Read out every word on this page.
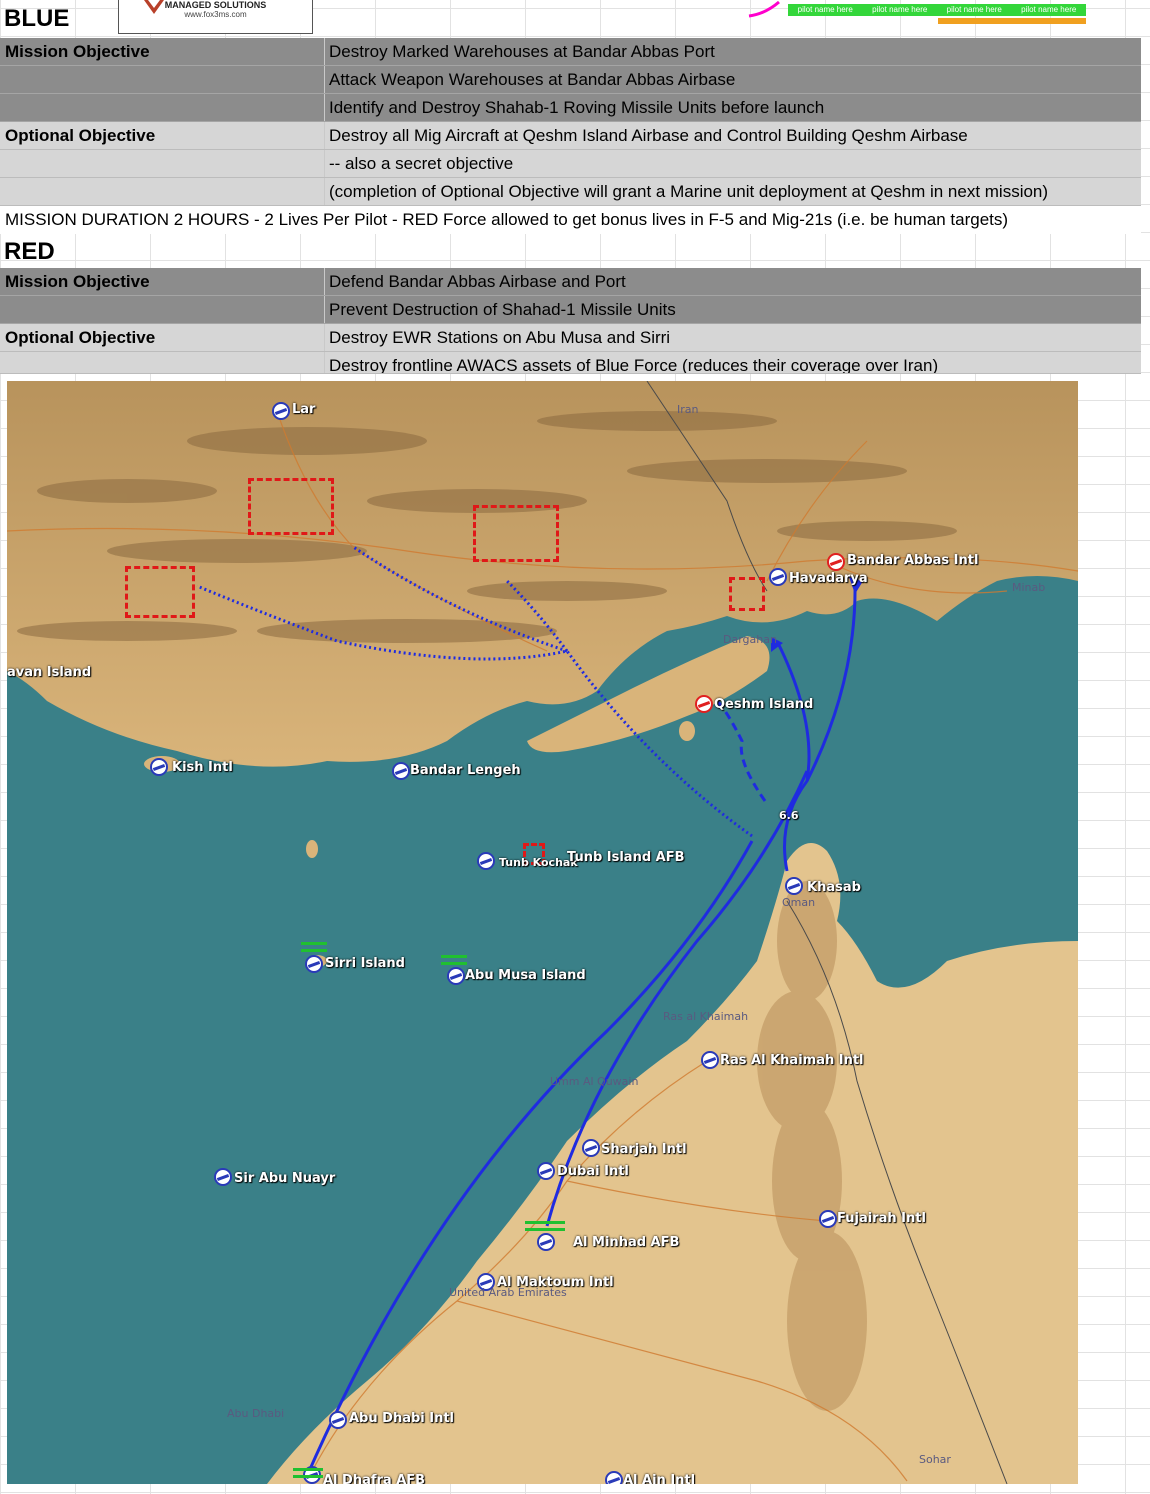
BLUE	MANAGED SOLUTIONS
www.fox3ms.com
pilot name here	pilot name here	pilot name here	pilot name here
Mission Objective	Destroy Marked Warehouses at Bandar Abbas Port
Attack Weapon Warehouses at Bandar Abbas Airbase
Identify and Destroy Shahab-1 Roving Missile Units before launch
Optional Objective	Destroy all Mig Aircraft at Qeshm Island Airbase and Control Building Qeshm Airbase
-- also a secret objective
(completion of Optional Objective will grant a Marine unit deployment at Qeshm in next mission)
MISSION DURATION 2 HOURS - 2 Lives Per Pilot - RED Force allowed to get bonus lives in F-5 and Mig-21s (i.e. be human targets)
RED
Mission Objective	Defend Bandar Abbas Airbase and Port
Prevent Destruction of Shahad-1 Missile Units
Optional Objective	Destroy EWR Stations on Abu Musa and Sirri
Destroy frontline AWACS assets of Blue Force (reduces their coverage over Iran)
Lar	Iran
avan Island
Bandar Abbas Intl
Havadarya
Minab
Dargahan
Qeshm Island
Kish Intl	Bandar Lengeh
6.6
Tunb Kochak
Tunb Island AFB
Khasab
Oman
Sirri Island
Abu Musa Island
Ras al Khaimah
Ras Al Khaimah Intl
Umm Al Quwain
Sharjah Intl
Dubai Intl
Sir Abu Nuayr
Fujairah Intl
Al Minhad AFB
Al Maktoum Intl
United Arab Emirates
Abu Dhabi	Abu Dhabi Intl
Al Dhafra AFB	Al Ain Intl
Sohar
